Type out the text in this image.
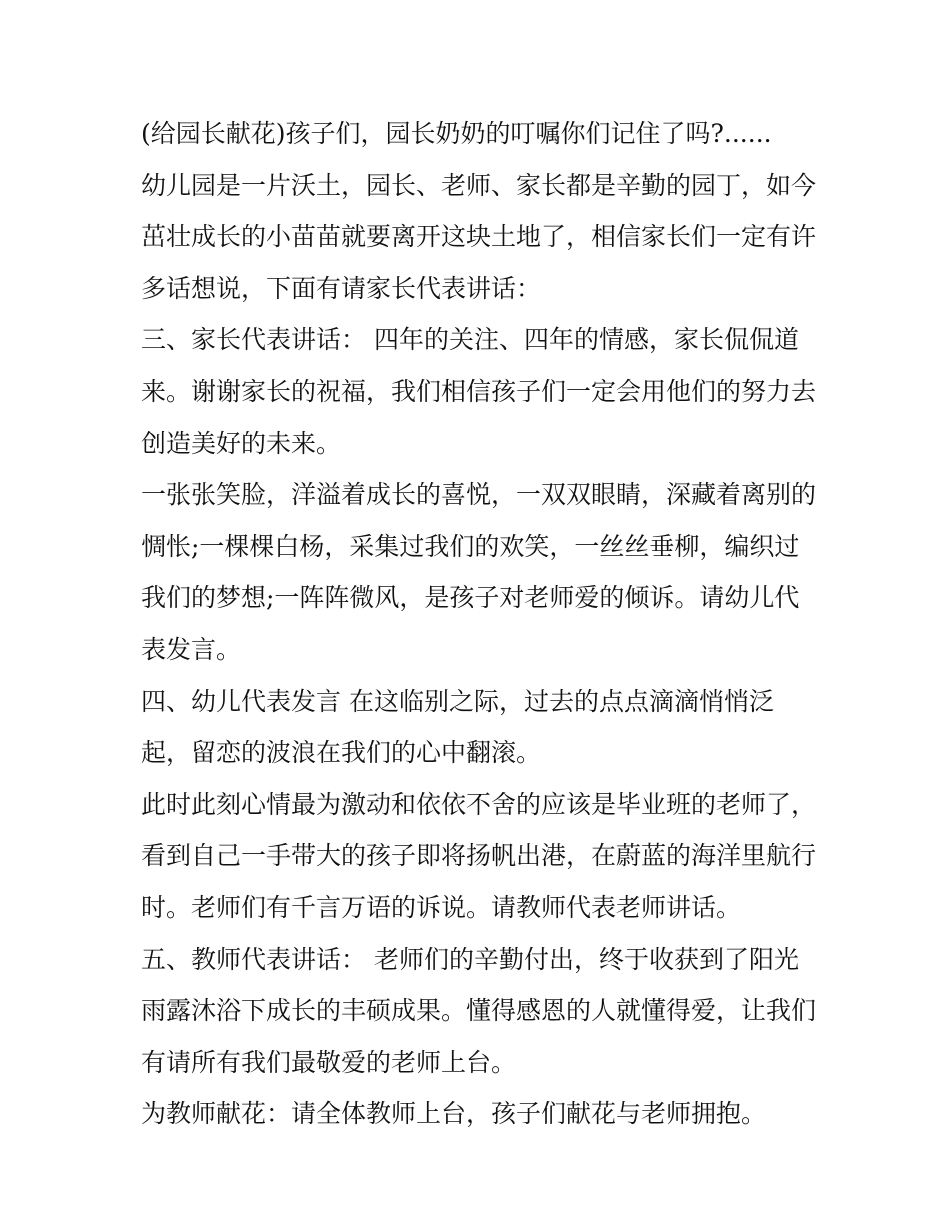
(给园长献花)孩子们，园长奶奶的叮嘱你们记住了吗?......
幼儿园是一片沃土，园长、老师、家长都是辛勤的园丁，如今
茁壮成长的小苗苗就要离开这块土地了，相信家长们一定有许
多话想说，下面有请家长代表讲话：
三、家长代表讲话： 四年的关注、四年的情感，家长侃侃道
来。谢谢家长的祝福，我们相信孩子们一定会用他们的努力去
创造美好的未来。
一张张笑脸，洋溢着成长的喜悦，一双双眼睛，深藏着离别的
惆怅;一棵棵白杨，采集过我们的欢笑，一丝丝垂柳，编织过
我们的梦想;一阵阵微风，是孩子对老师爱的倾诉。请幼儿代
表发言。
四、幼儿代表发言 在这临别之际，过去的点点滴滴悄悄泛
起，留恋的波浪在我们的心中翻滚。
此时此刻心情最为激动和依依不舍的应该是毕业班的老师了，
看到自己一手带大的孩子即将扬帆出港，在蔚蓝的海洋里航行
时。老师们有千言万语的诉说。请教师代表老师讲话。
五、教师代表讲话： 老师们的辛勤付出，终于收获到了阳光
雨露沐浴下成长的丰硕成果。懂得感恩的人就懂得爱，让我们
有请所有我们最敬爱的老师上台。
为教师献花：请全体教师上台，孩子们献花与老师拥抱。
